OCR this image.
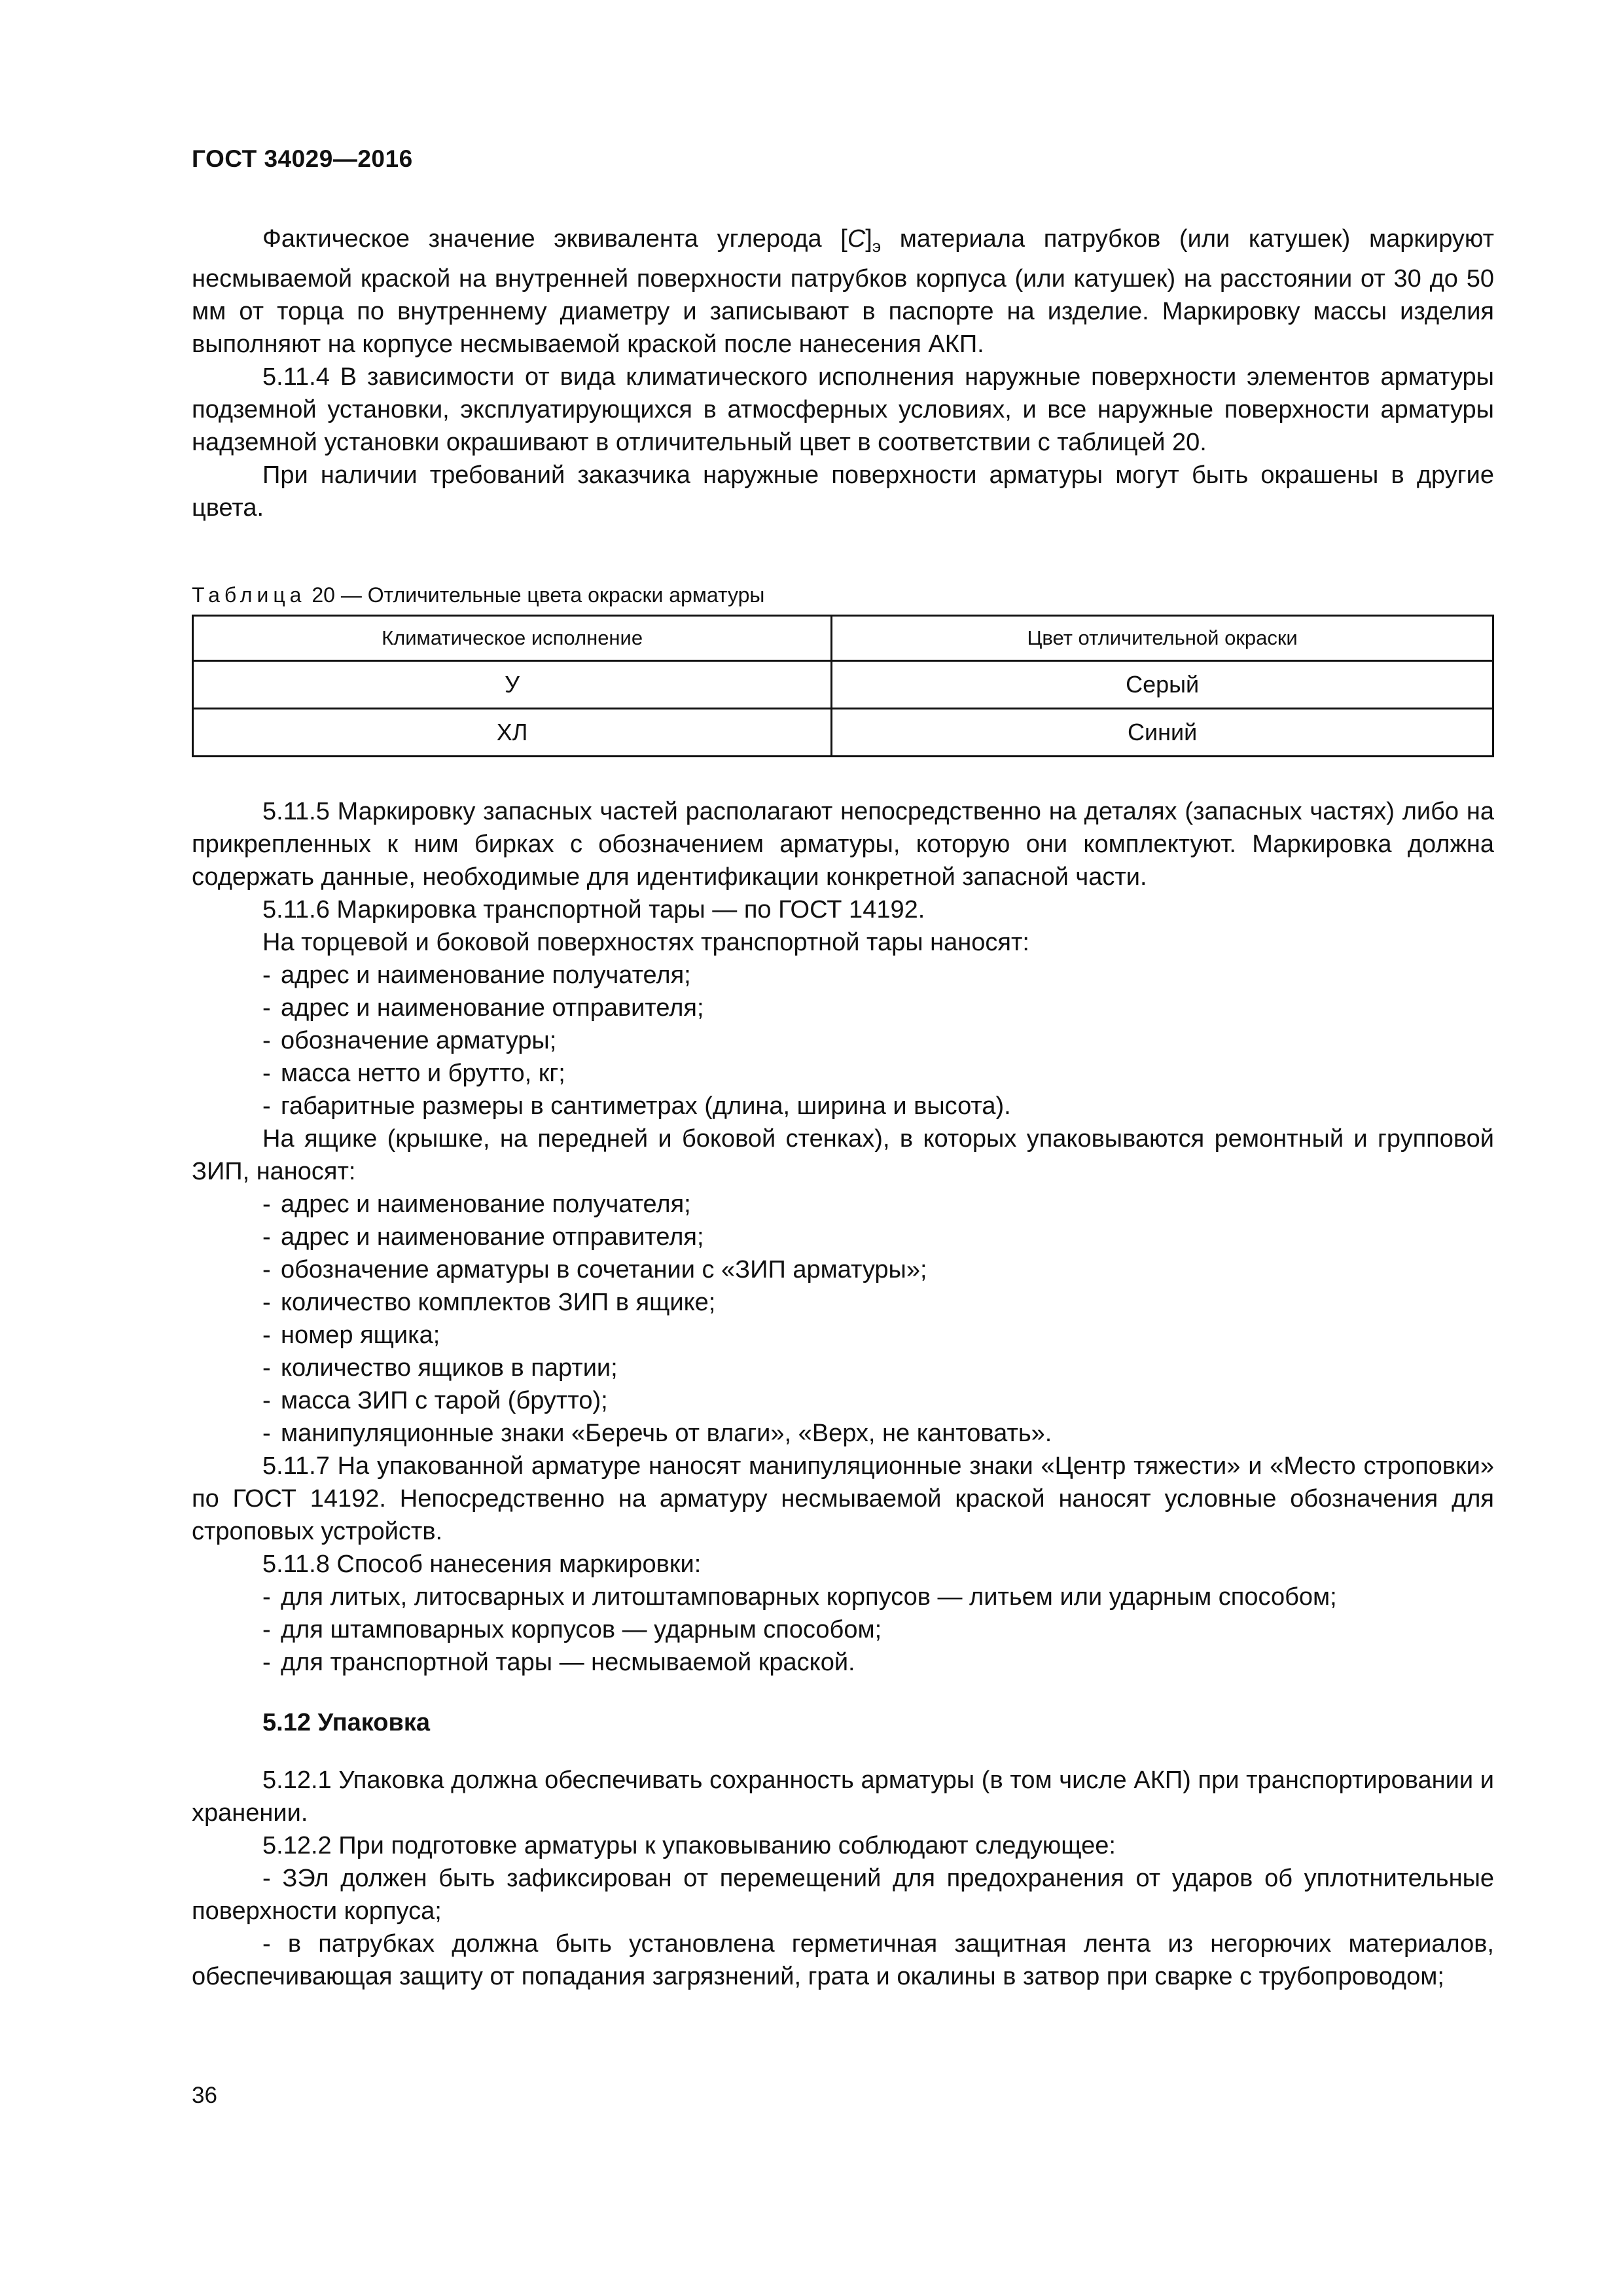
ГОСТ 34029—2016

Фактическое значение эквивалента углерода $[С]_э$ материала патрубков (или катушек) маркируют несмываемой краской на внутренней поверхности патрубков корпуса (или катушек) на расстоянии от 30 до 50 мм от торца по внутреннему диаметру и записывают в паспорте на изделие. Маркировку массы изделия выполняют на корпусе несмываемой краской после нанесения АКП.

5.11.4 В зависимости от вида климатического исполнения наружные поверхности элементов арматуры подземной установки, эксплуатирующихся в атмосферных условиях, и все наружные поверхности арматуры надземной установки окрашивают в отличительный цвет в соответствии с таблицей 20.

При наличии требований заказчика наружные поверхности арматуры могут быть окрашены в другие цвета.

Таблица 20 — Отличительные цвета окраски арматуры
Климатическое исполнение	Цвет отличительной окраски
У	Серый
ХЛ	Синий

5.11.5 Маркировку запасных частей располагают непосредственно на деталях (запасных частях) либо на прикрепленных к ним бирках с обозначением арматуры, которую они комплектуют. Маркировка должна содержать данные, необходимые для идентификации конкретной запасной части.

5.11.6 Маркировка транспортной тары — по ГОСТ 14192.

На торцевой и боковой поверхностях транспортной тары наносят:

- адрес и наименование получателя;

- адрес и наименование отправителя;

- обозначение арматуры;

- масса нетто и брутто, кг;

- габаритные размеры в сантиметрах (длина, ширина и высота).

На ящике (крышке, на передней и боковой стенках), в которых упаковываются ремонтный и групповой ЗИП, наносят:

- адрес и наименование получателя;

- адрес и наименование отправителя;

- обозначение арматуры в сочетании с «ЗИП арматуры»;

- количество комплектов ЗИП в ящике;

- номер ящика;

- количество ящиков в партии;

- масса ЗИП с тарой (брутто);

- манипуляционные знаки «Беречь от влаги», «Верх, не кантовать».

5.11.7 На упакованной арматуре наносят манипуляционные знаки «Центр тяжести» и «Место строповки» по ГОСТ 14192. Непосредственно на арматуру несмываемой краской наносят условные обозначения для строповых устройств.

5.11.8 Способ нанесения маркировки:

- для литых, литосварных и литоштамповарных корпусов — литьем или ударным способом;

- для штамповарных корпусов — ударным способом;

- для транспортной тары — несмываемой краской.

5.12 Упаковка

5.12.1 Упаковка должна обеспечивать сохранность арматуры (в том числе АКП) при транспортировании и хранении.

5.12.2 При подготовке арматуры к упаковыванию соблюдают следующее:

- ЗЭл должен быть зафиксирован от перемещений для предохранения от ударов об уплотнительные поверхности корпуса;

- в патрубках должна быть установлена герметичная защитная лента из негорючих материалов, обеспечивающая защиту от попадания загрязнений, грата и окалины в затвор при сварке с трубопроводом;

36
